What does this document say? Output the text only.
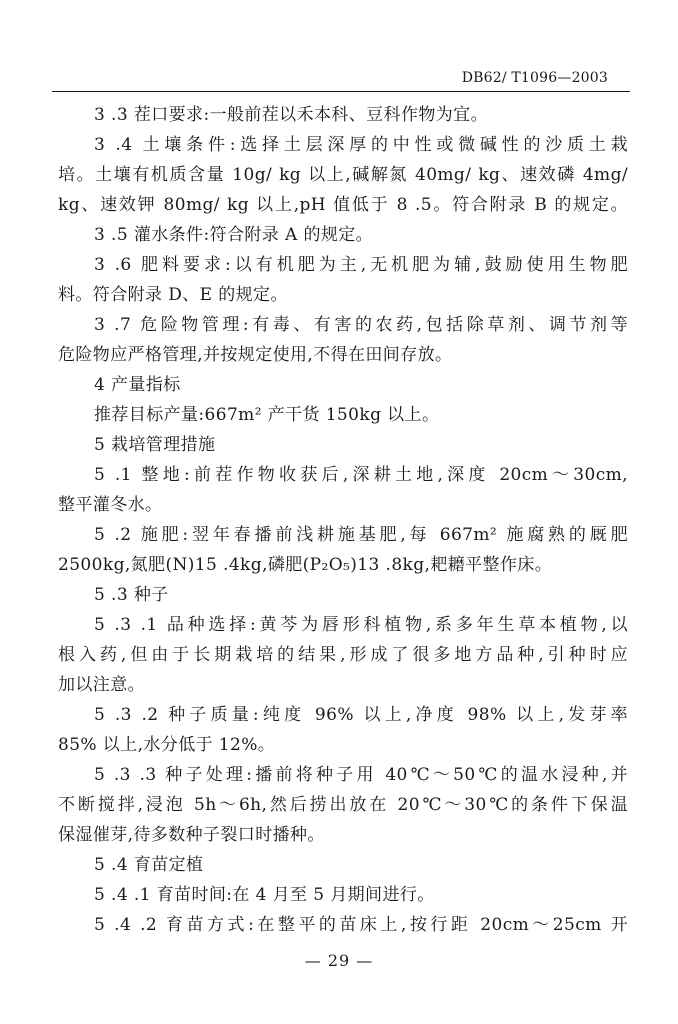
DB62/ T1096—2003
3 .3 茬口要求:一般前茬以禾本科、豆科作物为宜。
3 .4 土壤条件:选择土层深厚的中性或微碱性的沙质土栽
培。土壤有机质含量 10g/ kg 以上,碱解氮 40mg/ kg、速效磷 4mg/
kg、速效钾 80mg/ kg 以上,pH 值低于 8 .5。符合附录 B 的规定。
3 .5 灌水条件:符合附录 A 的规定。
3 .6 肥料要求:以有机肥为主,无机肥为辅,鼓励使用生物肥
料。符合附录 D、E 的规定。
3 .7 危险物管理:有毒、有害的农药,包括除草剂、调节剂等
危险物应严格管理,并按规定使用,不得在田间存放。
4 产量指标
推荐目标产量:667m² 产干货 150kg 以上。
5 栽培管理措施
5 .1 整地:前茬作物收获后,深耕土地,深度 20cm～30cm,
整平灌冬水。
5 .2 施肥:翌年春播前浅耕施基肥,每 667m² 施腐熟的厩肥
2500kg,氮肥(N)15 .4kg,磷肥(P₂O₅)13 .8kg,耙耱平整作床。
5 .3 种子
5 .3 .1 品种选择:黄芩为唇形科植物,系多年生草本植物,以
根入药,但由于长期栽培的结果,形成了很多地方品种,引种时应
加以注意。
5 .3 .2 种子质量:纯度 96% 以上,净度 98% 以上,发芽率
85% 以上,水分低于 12%。
5 .3 .3 种子处理:播前将种子用 40℃～50℃的温水浸种,并
不断搅拌,浸泡 5h～6h,然后捞出放在 20℃～30℃的条件下保温
保湿催芽,待多数种子裂口时播种。
5 .4 育苗定植
5 .4 .1 育苗时间:在 4 月至 5 月期间进行。
5 .4 .2 育苗方式:在整平的苗床上,按行距 20cm～25cm 开
— 29 —
